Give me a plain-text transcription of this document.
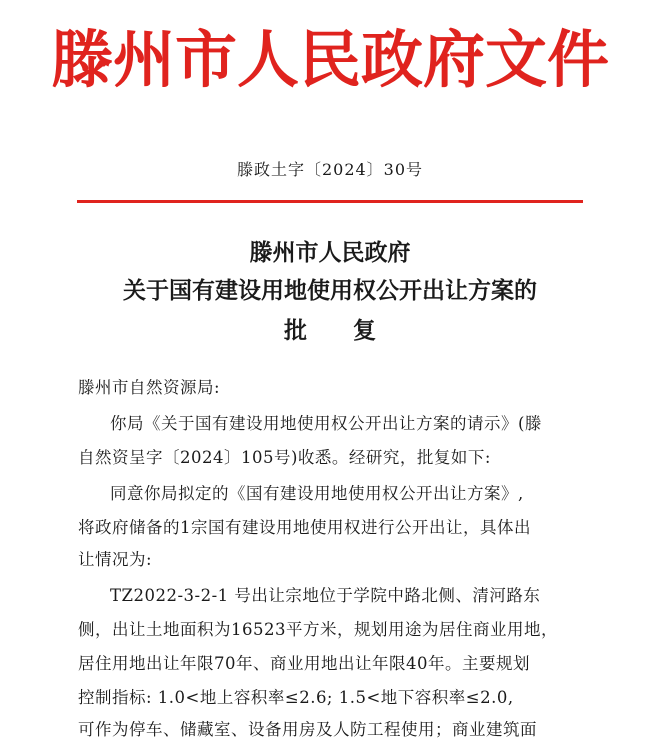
滕州市人民政府文件
滕政土字〔2024〕30号
滕州市人民政府
关于国有建设用地使用权公开出让方案的
批复
滕州市自然资源局:
你局《关于国有建设用地使用权公开出让方案的请示》(滕
自然资呈字〔2024〕105号)收悉。经研究，批复如下:
同意你局拟定的《国有建设用地使用权公开出让方案》,
将政府储备的1宗国有建设用地使用权进行公开出让，具体出
让情况为:
TZ2022-3-2-1 号出让宗地位于学院中路北侧、清河路东
侧，出让土地面积为16523平方米，规划用途为居住商业用地，
居住用地出让年限70年、商业用地出让年限40年。主要规划
控制指标: 1.0<地上容积率≤2.6; 1.5<地下容积率≤2.0,
可作为停车、储藏室、设备用房及人防工程使用；商业建筑面
